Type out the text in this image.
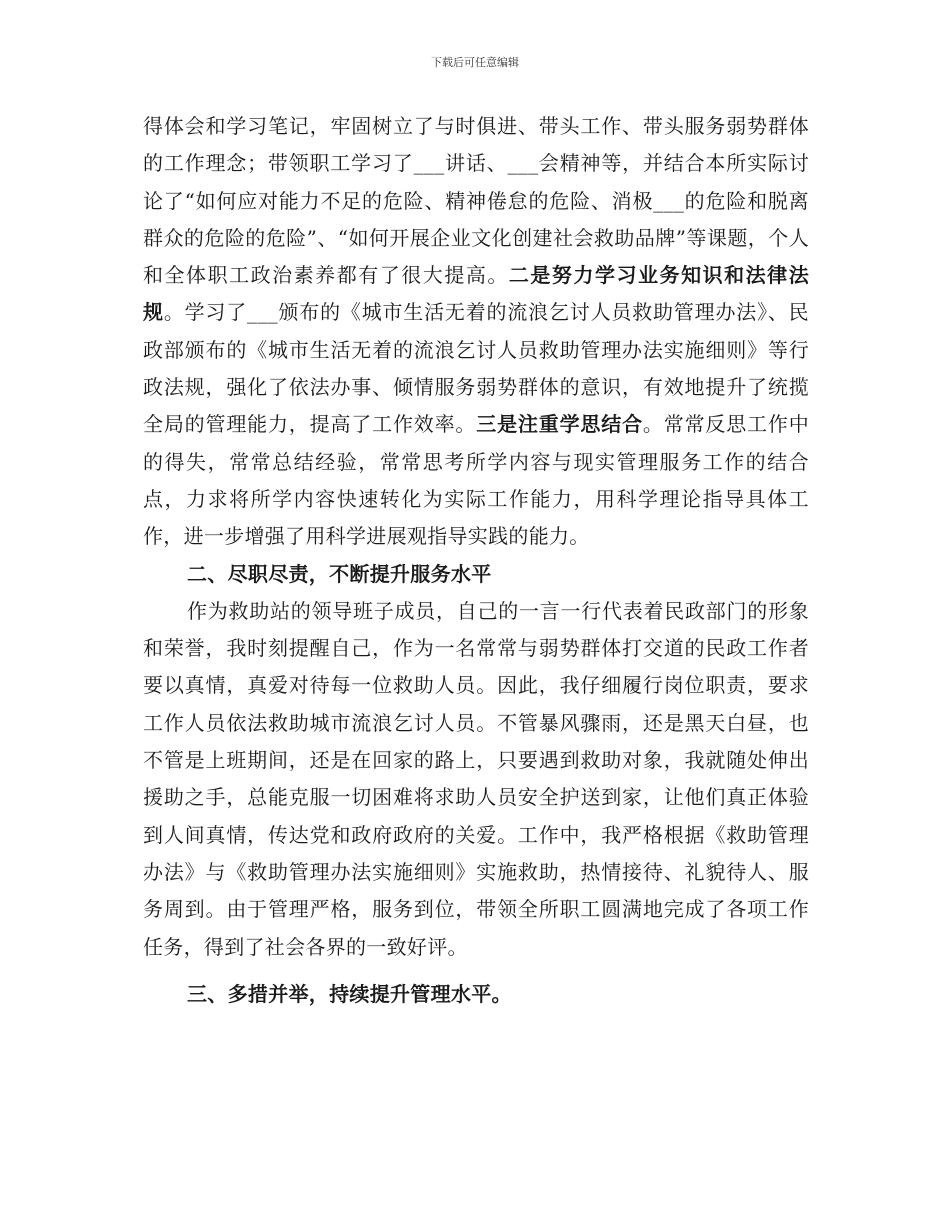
下载后可任意编辑

得体会和学习笔记，牢固树立了与时俱进、带头工作、带头服务弱势群体的工作理念；带领职工学习了___讲话、___会精神等，并结合本所实际讨论了“如何应对能力不足的危险、精神倦怠的危险、消极___的危险和脱离群众的危险的危险”、“如何开展企业文化创建社会救助品牌”等课题，个人和全体职工政治素养都有了很大提高。二是努力学习业务知识和法律法规。学习了___颁布的《城市生活无着的流浪乞讨人员救助管理办法》、民政部颁布的《城市生活无着的流浪乞讨人员救助管理办法实施细则》等行政法规，强化了依法办事、倾情服务弱势群体的意识，有效地提升了统揽全局的管理能力，提高了工作效率。三是注重学思结合。常常反思工作中的得失，常常总结经验，常常思考所学内容与现实管理服务工作的结合点，力求将所学内容快速转化为实际工作能力，用科学理论指导具体工作，进一步增强了用科学进展观指导实践的能力。

二、尽职尽责，不断提升服务水平

作为救助站的领导班子成员，自己的一言一行代表着民政部门的形象和荣誉，我时刻提醒自己，作为一名常常与弱势群体打交道的民政工作者要以真情，真爱对待每一位救助人员。因此，我仔细履行岗位职责，要求工作人员依法救助城市流浪乞讨人员。不管暴风骤雨，还是黑天白昼，也不管是上班期间，还是在回家的路上，只要遇到救助对象，我就随处伸出援助之手，总能克服一切困难将求助人员安全护送到家，让他们真正体验到人间真情，传达党和政府政府的关爱。工作中，我严格根据《救助管理办法》与《救助管理办法实施细则》实施救助，热情接待、礼貌待人、服务周到。由于管理严格，服务到位，带领全所职工圆满地完成了各项工作任务，得到了社会各界的一致好评。

三、多措并举，持续提升管理水平。
